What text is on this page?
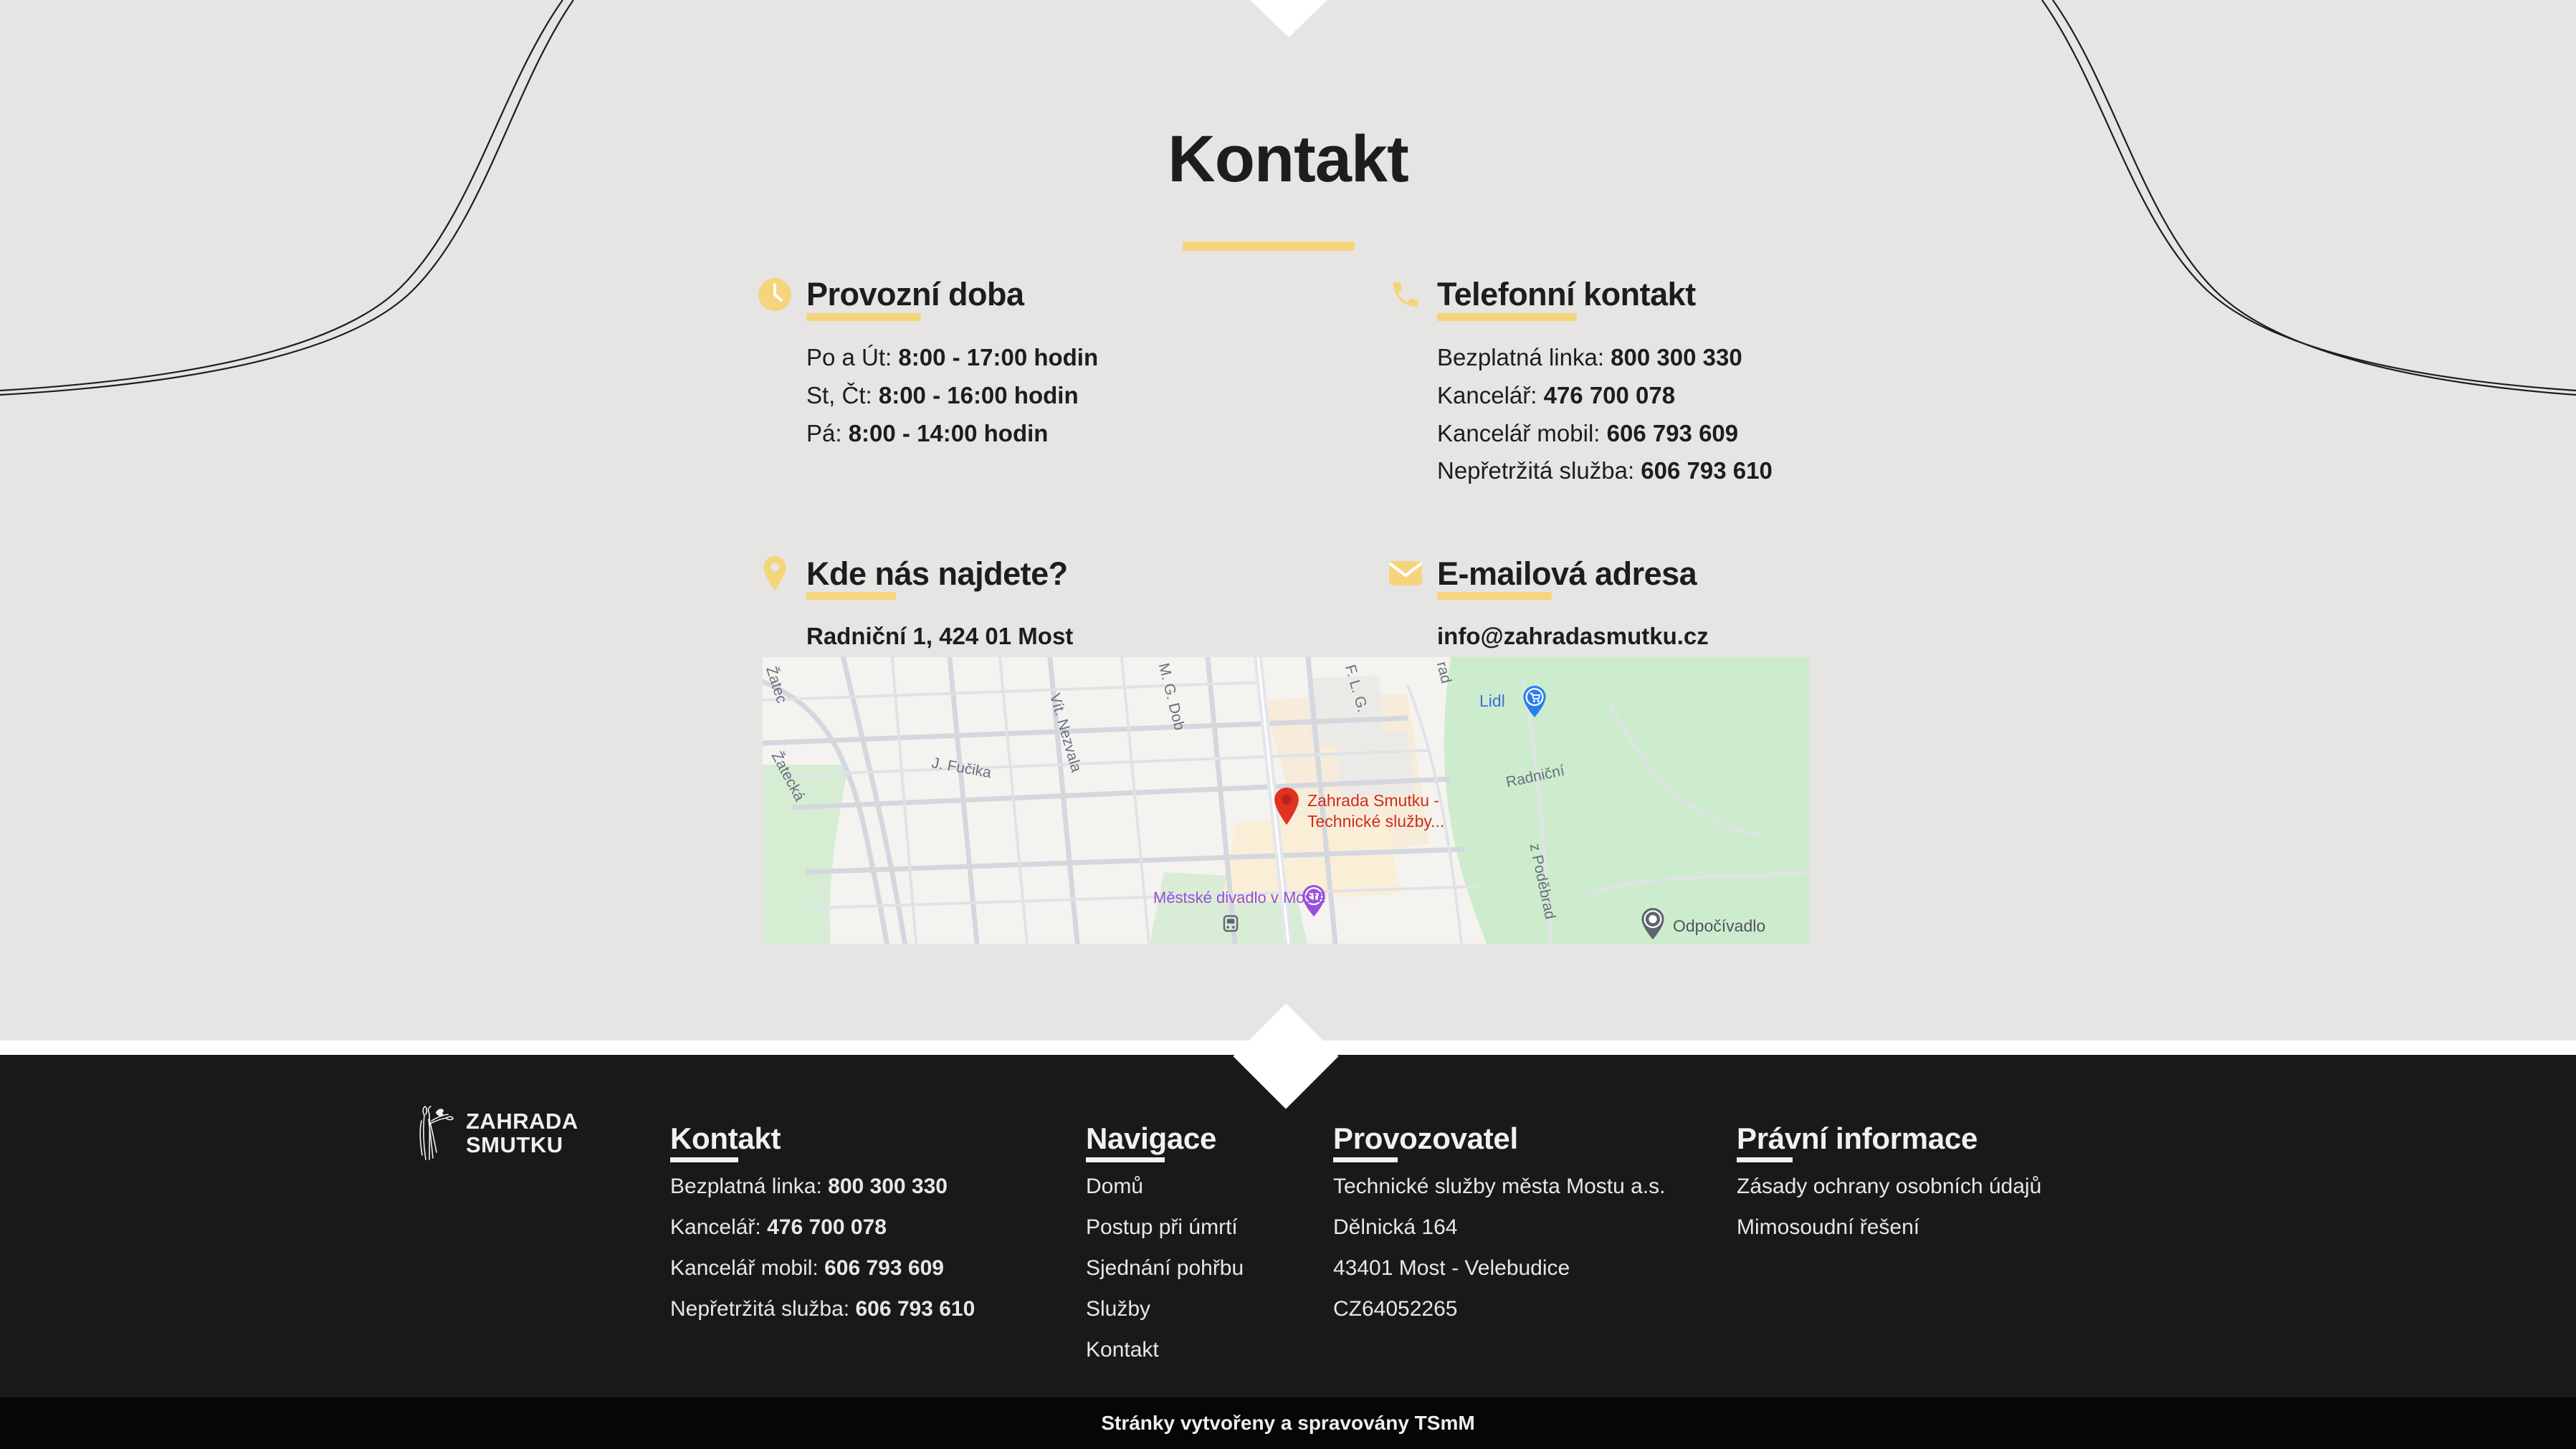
Kontakt
Provozní doba
Po a Út: 8:00 - 17:00 hodin
St, Čt: 8:00 - 16:00 hodin
Pá: 8:00 - 14:00 hodin
Telefonní kontakt
Bezplatná linka: 800 300 330
Kancelář: 476 700 078
Kancelář mobil: 606 793 609
Nepřetržitá služba: 606 793 610
Kde nás najdete?
Radniční 1, 424 01 Most
E-mailová adresa
info@zahradasmutku.cz
Žatec
Žatecká	J. Fučika	Vít. Nezvala	M. G. Dob	F. L. G.	rad
Radniční
z Poděbrad
Zahrada Smutku -
Technické služby...
Lidl
Městské divadlo v Mostě
Odpočívadlo
ZAHRADA
SMUTKU	Kontakt
Bezplatná linka: 800 300 330
Kancelář: 476 700 078
Kancelář mobil: 606 793 609
Nepřetržitá služba: 606 793 610
Navigace
Domů
Postup při úmrtí
Sjednání pohřbu
Služby
Kontakt
Provozovatel
Technické služby města Mostu a.s.
Dělnická 164
43401 Most - Velebudice
CZ64052265
Právní informace
Zásady ochrany osobních údajů
Mimosoudní řešení
Stránky vytvořeny a spravovány TSmM
